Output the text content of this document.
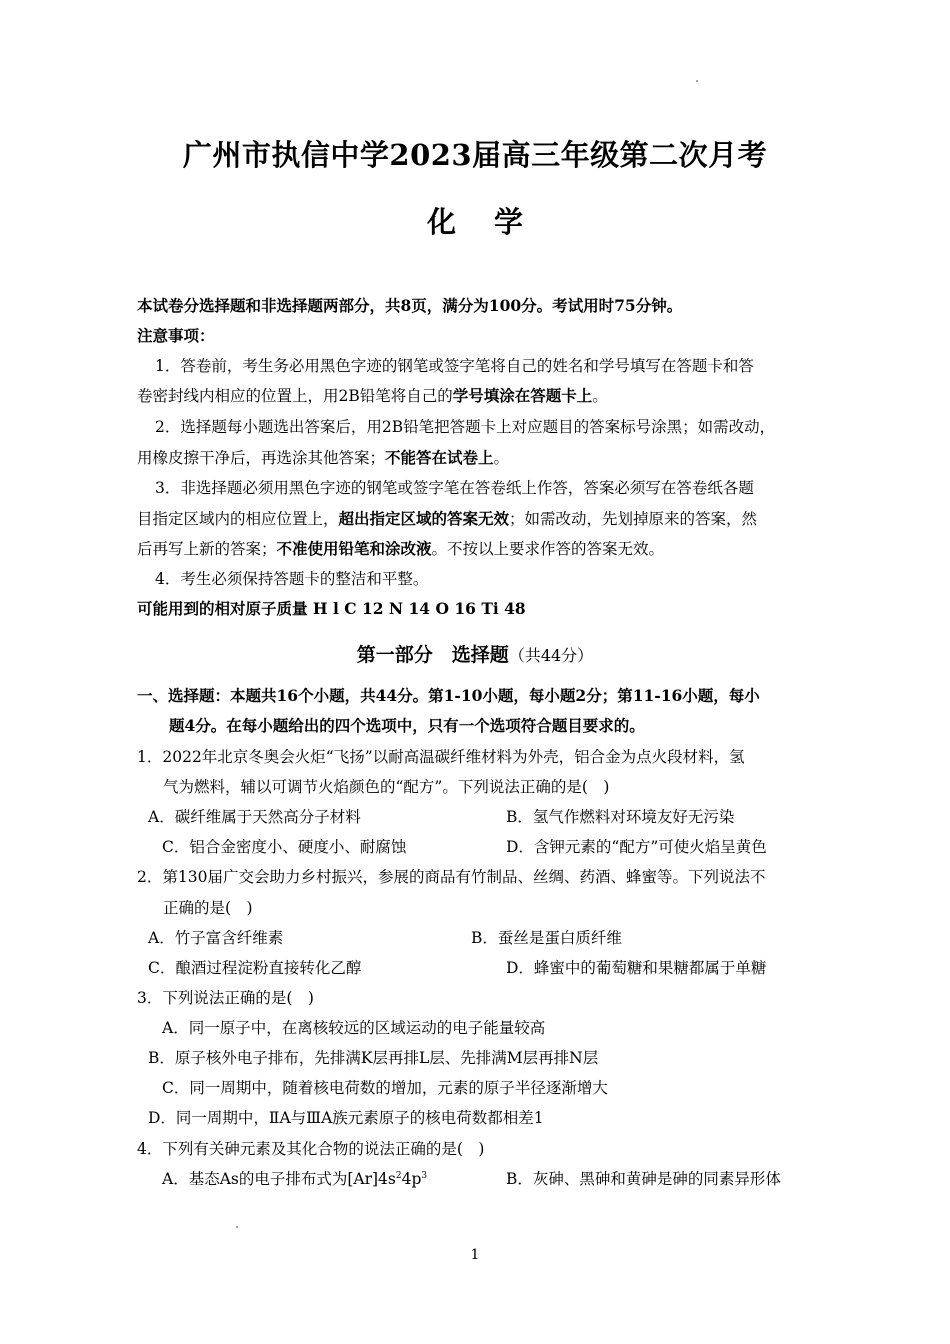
广州市执信中学2023届高三年级第二次月考
化学
本试卷分选择题和非选择题两部分，共8页，满分为100分。考试用时75分钟。
注意事项：
1．答卷前，考生务必用黑色字迹的钢笔或签字笔将自己的姓名和学号填写在答题卡和答
卷密封线内相应的位置上，用2B铅笔将自己的学号填涂在答题卡上。
2．选择题每小题选出答案后，用2B铅笔把答题卡上对应题目的答案标号涂黑；如需改动，
用橡皮擦干净后，再选涂其他答案；不能答在试卷上。
3．非选择题必须用黑色字迹的钢笔或签字笔在答卷纸上作答，答案必须写在答卷纸各题
目指定区域内的相应位置上，超出指定区域的答案无效；如需改动，先划掉原来的答案，然
后再写上新的答案；不准使用铅笔和涂改液。不按以上要求作答的答案无效。
4．考生必须保持答题卡的整洁和平整。
可能用到的相对原子质量 H l C 12 N 14 O 16 Ti 48
第一部分　选择题（共44分）
一、选择题：本题共16个小题，共44分。第1-10小题，每小题2分；第11-16小题，每小
题4分。在每小题给出的四个选项中，只有一个选项符合题目要求的。
1．2022年北京冬奥会火炬“飞扬”以耐高温碳纤维材料为外壳，铝合金为点火段材料，氢
气为燃料，辅以可调节火焰颜色的“配方”。下列说法正确的是(　)
A．碳纤维属于天然高分子材料	B．氢气作燃料对环境友好无污染
C．铝合金密度小、硬度小、耐腐蚀	D．含钾元素的“配方”可使火焰呈黄色
2．第130届广交会助力乡村振兴，参展的商品有竹制品、丝绸、药酒、蜂蜜等。下列说法不
正确的是(　)
A．竹子富含纤维素	B．蚕丝是蛋白质纤维
C．酿酒过程淀粉直接转化乙醇	D．蜂蜜中的葡萄糖和果糖都属于单糖
3．下列说法正确的是(　)
A．同一原子中，在离核较远的区域运动的电子能量较高
B．原子核外电子排布，先排满K层再排L层、先排满M层再排N层
C．同一周期中，随着核电荷数的增加，元素的原子半径逐渐增大
D．同一周期中，ⅡA与ⅢA族元素原子的核电荷数都相差1
4．下列有关砷元素及其化合物的说法正确的是(　)
A．基态As的电子排布式为$[Ar]4s^24p^3$	B．灰砷、黑砷和黄砷是砷的同素异形体
1
